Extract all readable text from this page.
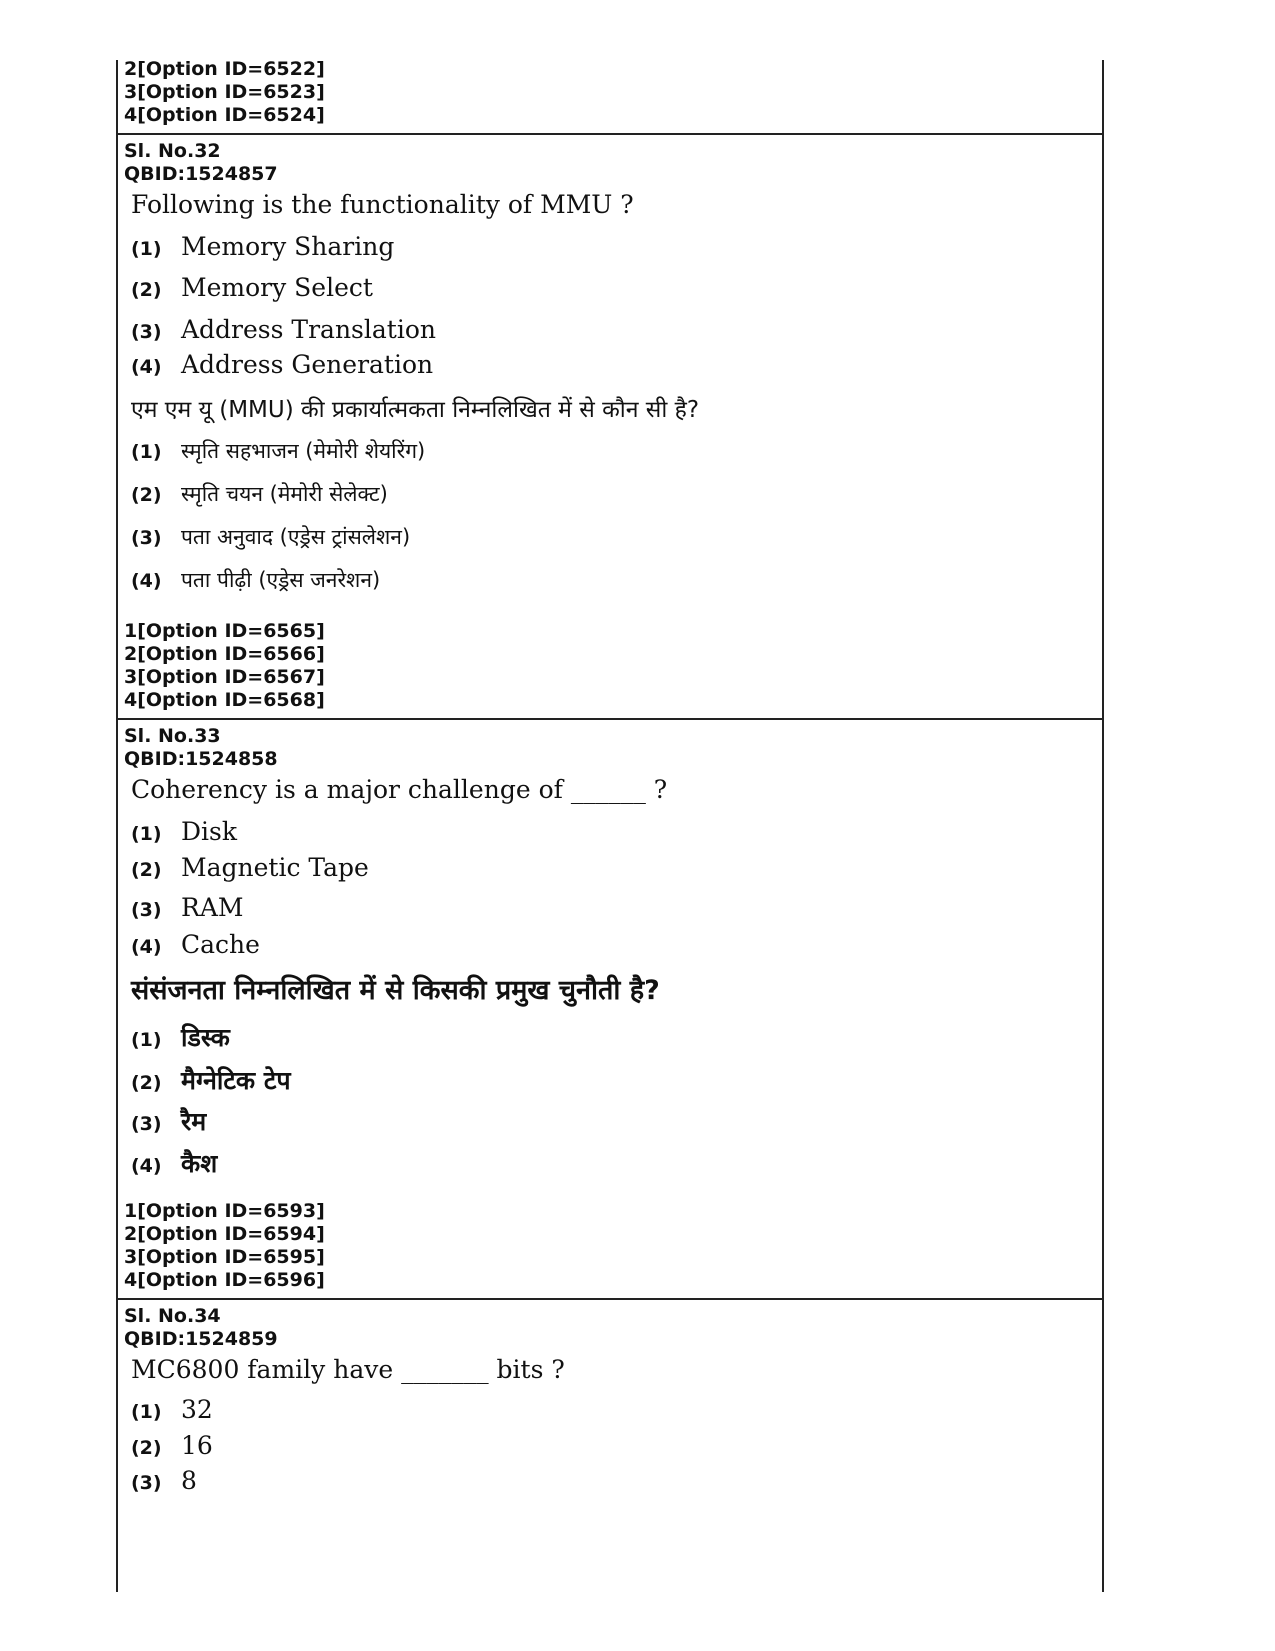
2[Option ID=6522]
3[Option ID=6523]
4[Option ID=6524]
Sl. No.32
QBID:1524857
Following is the functionality of MMU ?
(1) Memory Sharing
(2) Memory Select
(3) Address Translation
(4) Address Generation
एम एम यू (MMU) की प्रकार्यात्मकता निम्नलिखित में से कौन सी है?
(1) स्मृति सहभाजन (मेमोरी शेयरिंग)
(2) स्मृति चयन (मेमोरी सेलेक्ट)
(3) पता अनुवाद (एड्रेस ट्रांसलेशन)
(4) पता पीढ़ी (एड्रेस जनरेशन)
1[Option ID=6565]
2[Option ID=6566]
3[Option ID=6567]
4[Option ID=6568]
Sl. No.33
QBID:1524858
Coherency is a major challenge of ______ ?
(1) Disk
(2) Magnetic Tape
(3) RAM
(4) Cache
संसंजनता निम्नलिखित में से किसकी प्रमुख चुनौती है?
(1) डिस्क
(2) मैग्नेटिक टेप
(3) रैम
(4) कैश
1[Option ID=6593]
2[Option ID=6594]
3[Option ID=6595]
4[Option ID=6596]
Sl. No.34
QBID:1524859
MC6800 family have _______ bits ?
(1) 32
(2) 16
(3) 8
